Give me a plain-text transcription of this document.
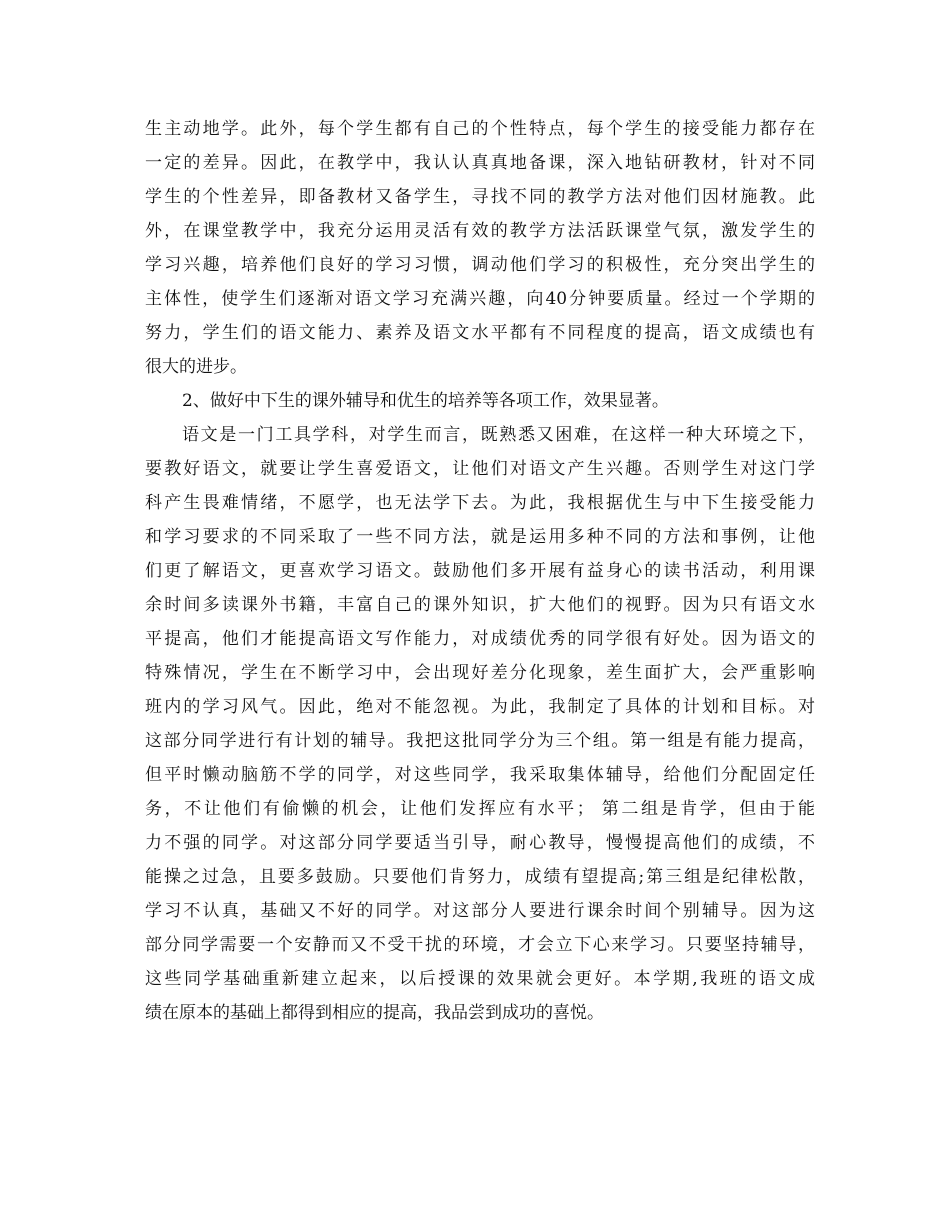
生主动地学。此外，每个学生都有自己的个性特点，每个学生的接受能力都存在
一定的差异。因此，在教学中，我认认真真地备课，深入地钻研教材，针对不同
学生的个性差异，即备教材又备学生，寻找不同的教学方法对他们因材施教。此
外，在课堂教学中，我充分运用灵活有效的教学方法活跃课堂气氛，激发学生的
学习兴趣，培养他们良好的学习习惯，调动他们学习的积极性，充分突出学生的
主体性，使学生们逐渐对语文学习充满兴趣，向40分钟要质量。经过一个学期的
努力，学生们的语文能力、素养及语文水平都有不同程度的提高，语文成绩也有
很大的进步。
2、做好中下生的课外辅导和优生的培养等各项工作，效果显著。
语文是一门工具学科，对学生而言，既熟悉又困难，在这样一种大环境之下，
要教好语文，就要让学生喜爱语文，让他们对语文产生兴趣。否则学生对这门学
科产生畏难情绪，不愿学，也无法学下去。为此，我根据优生与中下生接受能力
和学习要求的不同采取了一些不同方法，就是运用多种不同的方法和事例，让他
们更了解语文，更喜欢学习语文。鼓励他们多开展有益身心的读书活动，利用课
余时间多读课外书籍，丰富自己的课外知识，扩大他们的视野。因为只有语文水
平提高，他们才能提高语文写作能力，对成绩优秀的同学很有好处。因为语文的
特殊情况，学生在不断学习中，会出现好差分化现象，差生面扩大，会严重影响
班内的学习风气。因此，绝对不能忽视。为此，我制定了具体的计划和目标。对
这部分同学进行有计划的辅导。我把这批同学分为三个组。第一组是有能力提高，
但平时懒动脑筋不学的同学，对这些同学，我采取集体辅导，给他们分配固定任
务，不让他们有偷懒的机会，让他们发挥应有水平； 第二组是肯学，但由于能
力不强的同学。对这部分同学要适当引导，耐心教导，慢慢提高他们的成绩，不
能操之过急，且要多鼓励。只要他们肯努力，成绩有望提高;第三组是纪律松散，
学习不认真，基础又不好的同学。对这部分人要进行课余时间个别辅导。因为这
部分同学需要一个安静而又不受干扰的环境，才会立下心来学习。只要坚持辅导，
这些同学基础重新建立起来，以后授课的效果就会更好。本学期,我班的语文成
绩在原本的基础上都得到相应的提高，我品尝到成功的喜悦。
